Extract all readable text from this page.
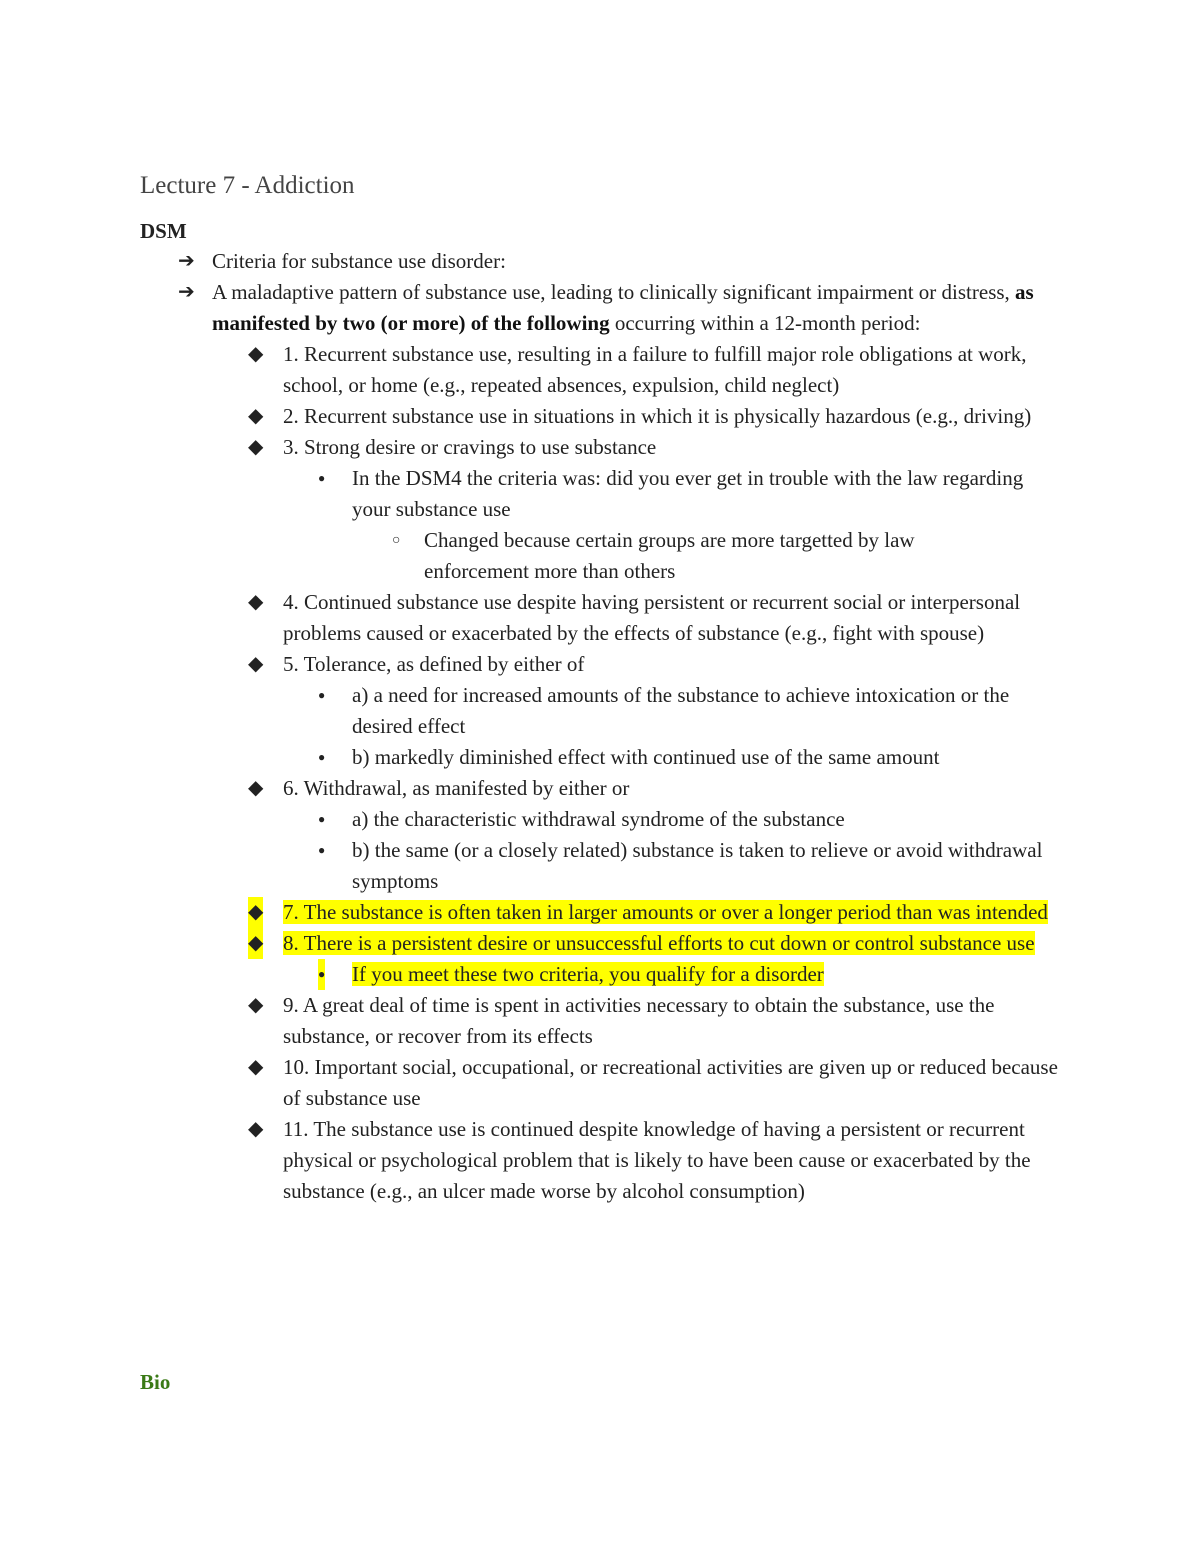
Lecture 7 - Addiction
DSM
➔ Criteria for substance use disorder:
➔ A maladaptive pattern of substance use, leading to clinically significant impairment or distress, as manifested by two (or more) of the following occurring within a 12-month period:
◆ 1. Recurrent substance use, resulting in a failure to fulfill major role obligations at work, school, or home (e.g., repeated absences, expulsion, child neglect)
◆ 2. Recurrent substance use in situations in which it is physically hazardous (e.g., driving)
◆ 3. Strong desire or cravings to use substance
● In the DSM4 the criteria was: did you ever get in trouble with the law regarding your substance use
○ Changed because certain groups are more targetted by law enforcement more than others
◆ 4. Continued substance use despite having persistent or recurrent social or interpersonal problems caused or exacerbated by the effects of substance (e.g., fight with spouse)
◆ 5. Tolerance, as defined by either of
● a) a need for increased amounts of the substance to achieve intoxication or the desired effect
● b) markedly diminished effect with continued use of the same amount
◆ 6. Withdrawal, as manifested by either or
● a) the characteristic withdrawal syndrome of the substance
● b) the same (or a closely related) substance is taken to relieve or avoid withdrawal symptoms
◆ 7. The substance is often taken in larger amounts or over a longer period than was intended
◆ 8. There is a persistent desire or unsuccessful efforts to cut down or control substance use
● If you meet these two criteria, you qualify for a disorder
◆ 9. A great deal of time is spent in activities necessary to obtain the substance, use the substance, or recover from its effects
◆ 10. Important social, occupational, or recreational activities are given up or reduced because of substance use
◆ 11. The substance use is continued despite knowledge of having a persistent or recurrent physical or psychological problem that is likely to have been cause or exacerbated by the substance (e.g., an ulcer made worse by alcohol consumption)
Bio
